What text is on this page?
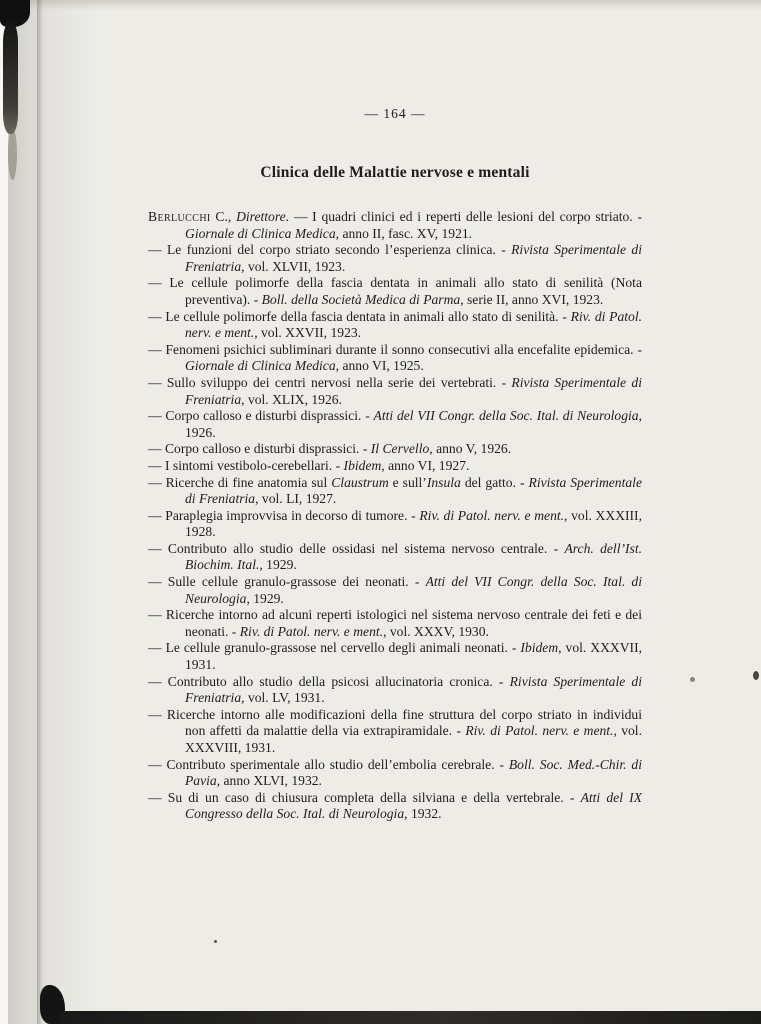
— 164 —
Clinica delle Malattie nervose e mentali
Berlucchi C., Direttore. — I quadri clinici ed i reperti delle lesioni del corpo striato. - Giornale di Clinica Medica, anno II, fasc. XV, 1921.
— Le funzioni del corpo striato secondo l’esperienza clinica. - Rivista Sperimentale di Freniatria, vol. XLVII, 1923.
— Le cellule polimorfe della fascia dentata in animali allo stato di senilità (Nota preventiva). - Boll. della Società Medica di Parma, serie II, anno XVI, 1923.
— Le cellule polimorfe della fascia dentata in animali allo stato di senilità. - Riv. di Patol. nerv. e ment., vol. XXVII, 1923.
— Fenomeni psichici subliminari durante il sonno consecutivi alla encefalite epidemica. - Giornale di Clinica Medica, anno VI, 1925.
— Sullo sviluppo dei centri nervosi nella serie dei vertebrati. - Rivista Sperimentale di Freniatria, vol. XLIX, 1926.
— Corpo calloso e disturbi disprassici. - Atti del VII Congr. della Soc. Ital. di Neurologia, 1926.
— Corpo calloso e disturbi disprassici. - Il Cervello, anno V, 1926.
— I sintomi vestibolo-cerebellari. - Ibidem, anno VI, 1927.
— Ricerche di fine anatomia sul Claustrum e sull’Insula del gatto. - Rivista Sperimentale di Freniatria, vol. LI, 1927.
— Paraplegia improvvisa in decorso di tumore. - Riv. di Patol. nerv. e ment., vol. XXXIII, 1928.
— Contributo allo studio delle ossidasi nel sistema nervoso centrale. - Arch. dell’Ist. Biochim. Ital., 1929.
— Sulle cellule granulo-grassose dei neonati. - Atti del VII Congr. della Soc. Ital. di Neurologia, 1929.
— Ricerche intorno ad alcuni reperti istologici nel sistema nervoso centrale dei feti e dei neonati. - Riv. di Patol. nerv. e ment., vol. XXXV, 1930.
— Le cellule granulo-grassose nel cervello degli animali neonati. - Ibidem, vol. XXXVII, 1931.
— Contributo allo studio della psicosi allucinatoria cronica. - Rivista Sperimentale di Freniatria, vol. LV, 1931.
— Ricerche intorno alle modificazioni della fine struttura del corpo striato in individui non affetti da malattie della via extrapiramidale. - Riv. di Patol. nerv. e ment., vol. XXXVIII, 1931.
— Contributo sperimentale allo studio dell’embolia cerebrale. - Boll. Soc. Med.-Chir. di Pavia, anno XLVI, 1932.
— Su di un caso di chiusura completa della silviana e della vertebrale. - Atti del IX Congresso della Soc. Ital. di Neurologia, 1932.
